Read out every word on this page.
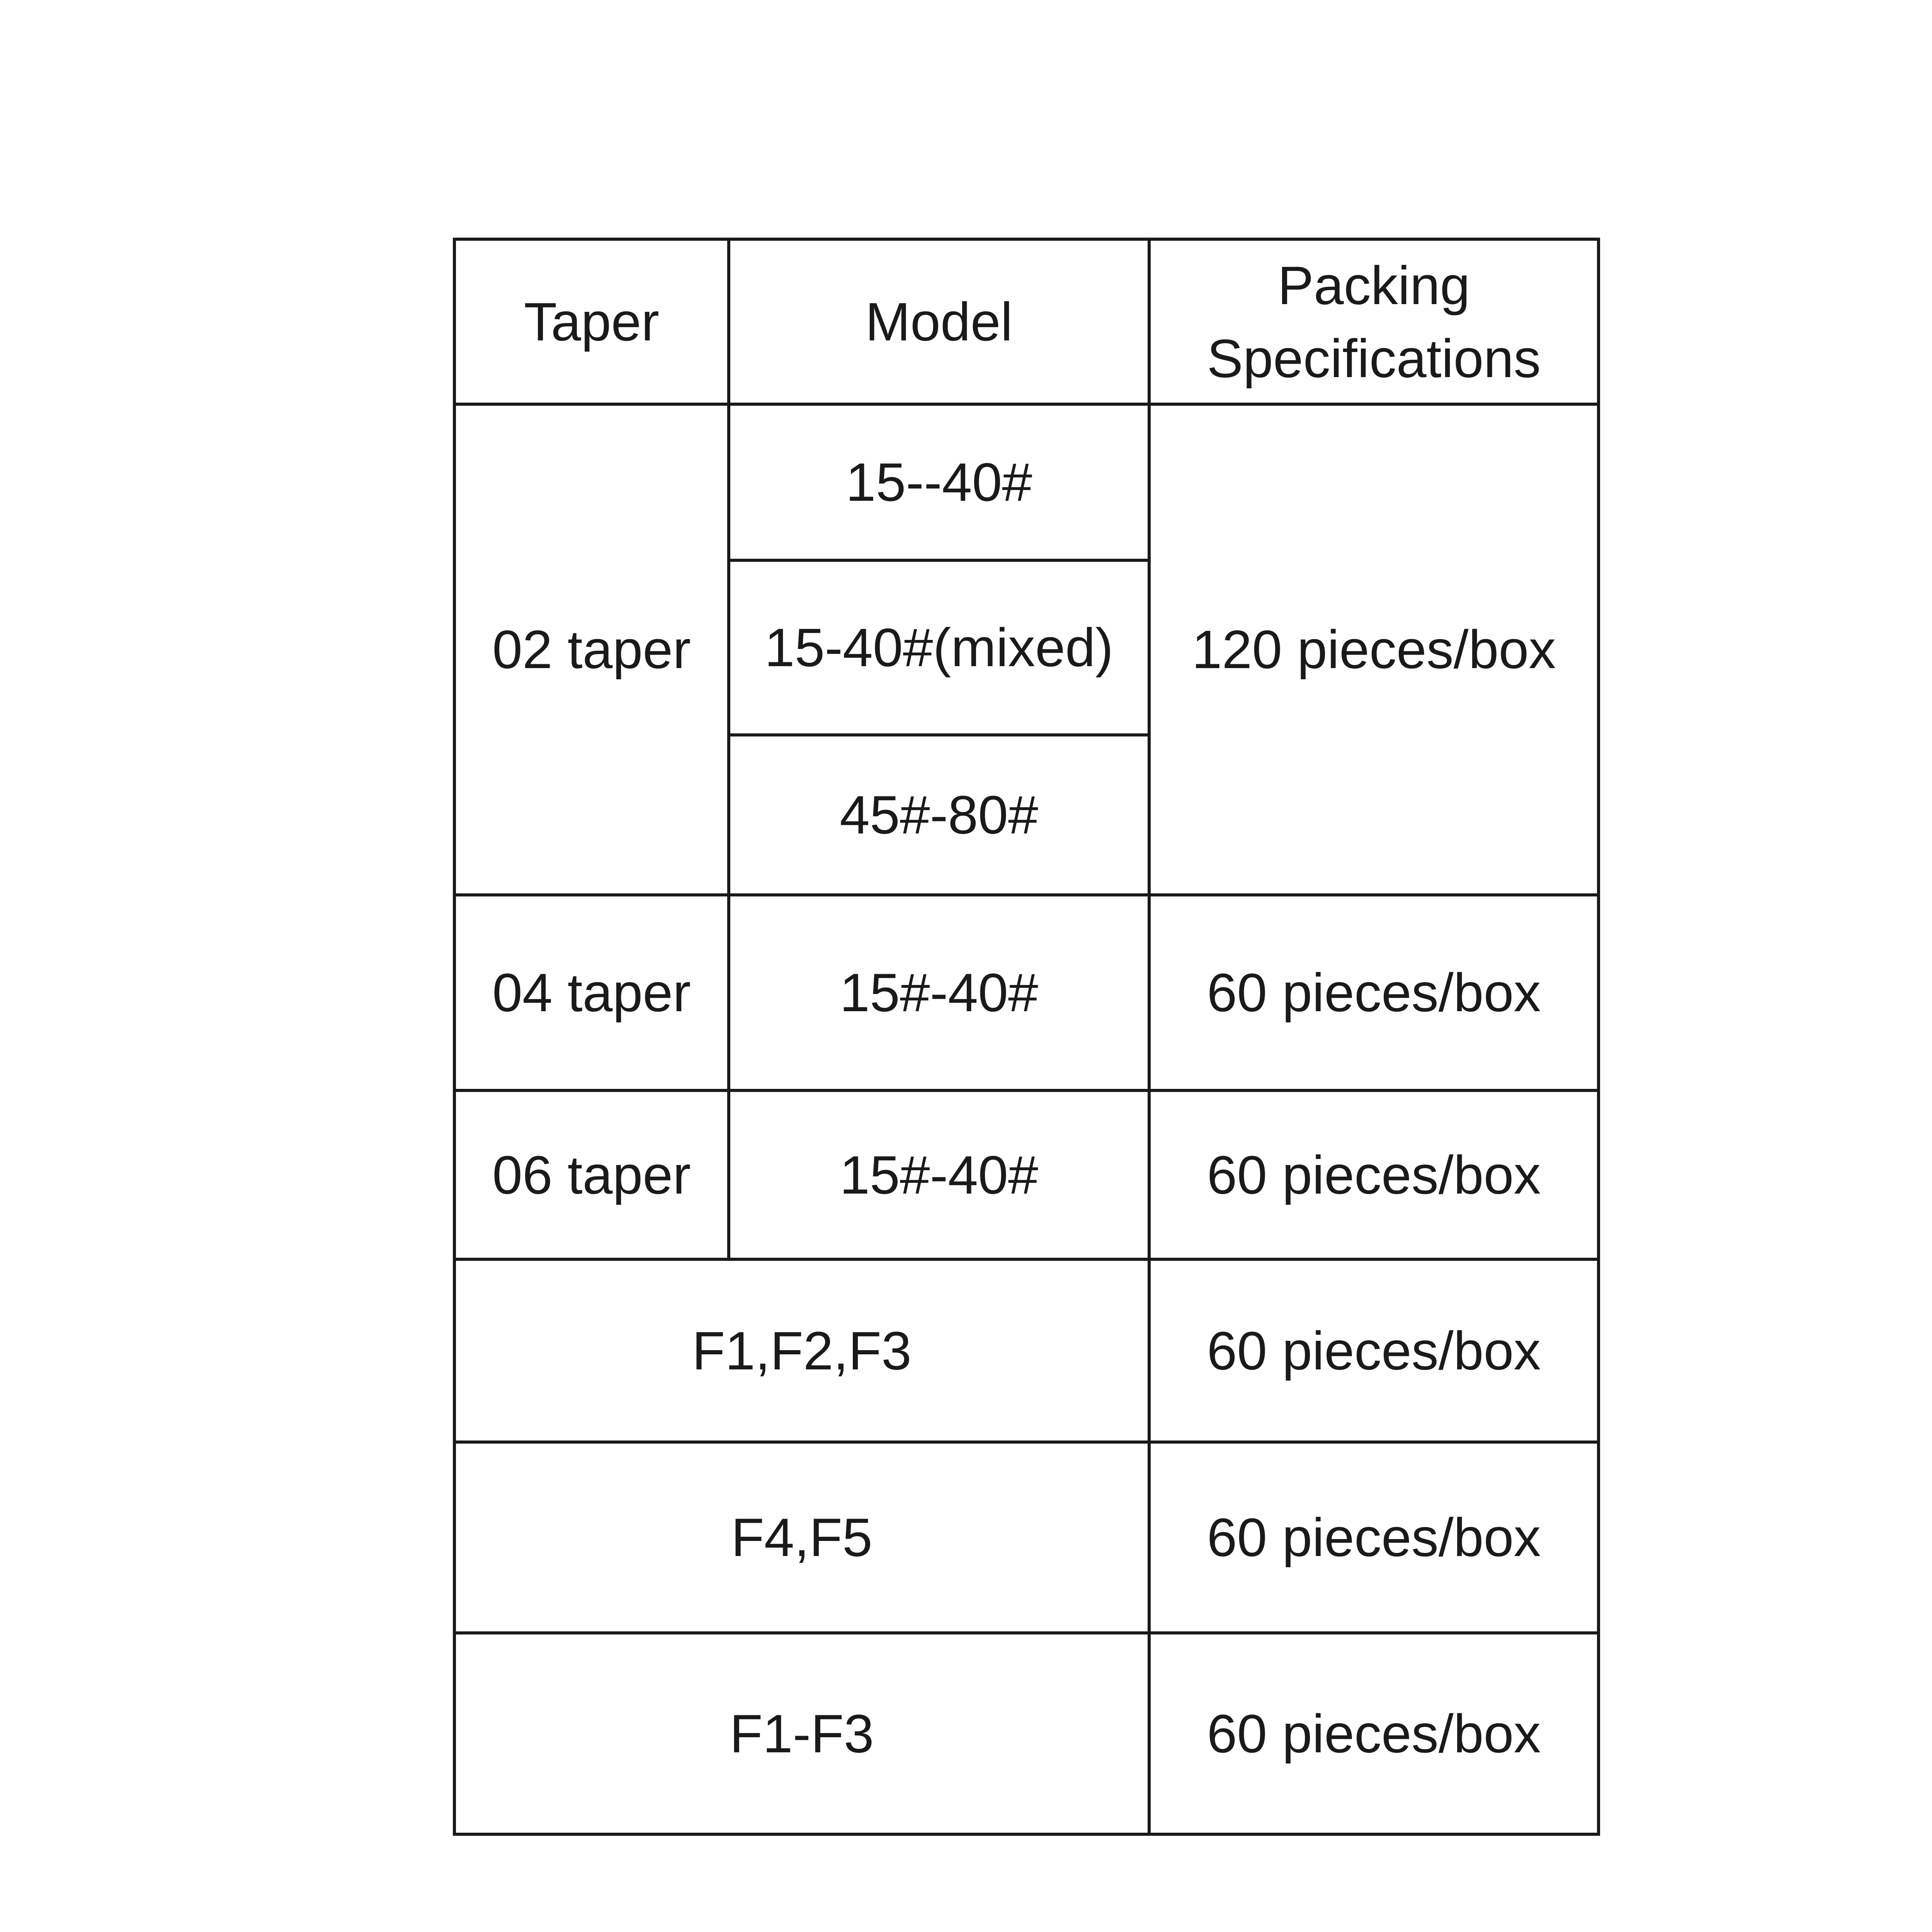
Taper	Model	Packing
Specifications
02 taper	15--40#	120 pieces/box
	15-40#(mixed)	
	45#-80#	
04 taper	15#-40#	60 pieces/box
06 taper	15#-40#	60 pieces/box
F1,F2,F3		60 pieces/box
F4,F5		60 pieces/box
F1-F3		60 pieces/box
